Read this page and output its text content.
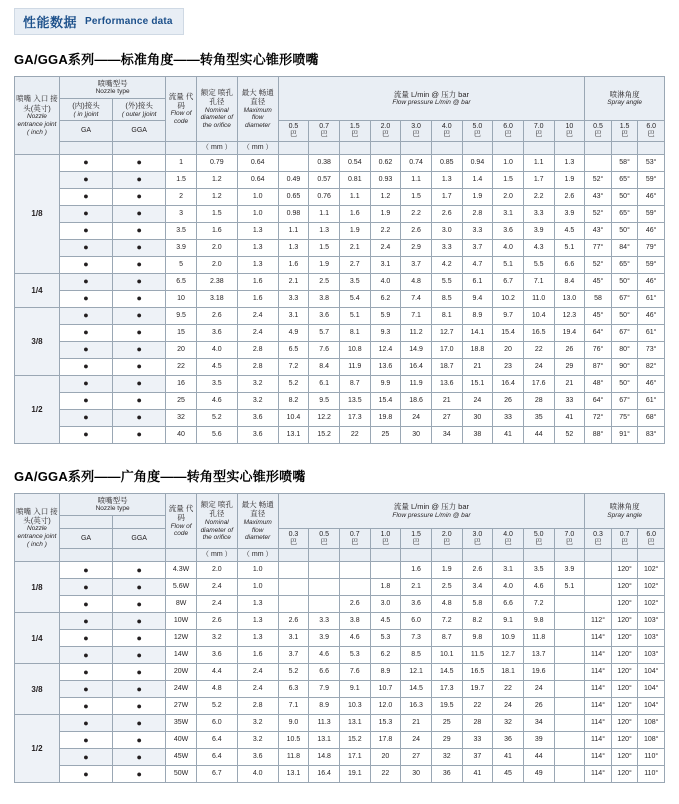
性能数据 Performance data
GA/GGA系列——标准角度——转角型实心锥形喷嘴
喷嘴 入口 接头(英寸)
Nozzle entrance joint ( inch )	喷嘴型号
Nozzle type		流量 代码
Flow of code	额定 喷孔 孔径
Nominal diameter of the orifice	最大 畅通 直径
Maximum flow diameter	流量 L/min @ 压力 bar
Flow pressure L/min @ bar										喷淋角度
Spray angle		

	(内)接头
( in )joint	(外)接头
( outer )joint																

	GA	GGA				0.5
巴	0.7
巴	1.5
巴	2.0
巴	3.0
巴	4.0
巴	5.0
巴	6.0
巴	7.0
巴	10
巴	0.5
巴	1.5
巴	6.0
巴
				（ mm ）	（ mm ）													
1/8	●	●	1	0.79	0.64		0.38	0.54	0.62	0.74	0.85	0.94	1.0	1.1	1.3		58°	53°
	●	●	1.5	1.2	0.64	0.49	0.57	0.81	0.93	1.1	1.3	1.4	1.5	1.7	1.9	52°	65°	59°
	●	●	2	1.2	1.0	0.65	0.76	1.1	1.2	1.5	1.7	1.9	2.0	2.2	2.6	43°	50°	46°
	●	●	3	1.5	1.0	0.98	1.1	1.6	1.9	2.2	2.6	2.8	3.1	3.3	3.9	52°	65°	59°
	●	●	3.5	1.6	1.3	1.1	1.3	1.9	2.2	2.6	3.0	3.3	3.6	3.9	4.5	43°	50°	46°
	●	●	3.9	2.0	1.3	1.3	1.5	2.1	2.4	2.9	3.3	3.7	4.0	4.3	5.1	77°	84°	79°
	●	●	5	2.0	1.3	1.6	1.9	2.7	3.1	3.7	4.2	4.7	5.1	5.5	6.6	52°	65°	59°
1/4	●	●	6.5	2.38	1.6	2.1	2.5	3.5	4.0	4.8	5.5	6.1	6.7	7.1	8.4	45°	50°	46°
	●	●	10	3.18	1.6	3.3	3.8	5.4	6.2	7.4	8.5	9.4	10.2	11.0	13.0	58	67°	61°
3/8	●	●	9.5	2.6	2.4	3.1	3.6	5.1	5.9	7.1	8.1	8.9	9.7	10.4	12.3	45°	50°	46°
	●	●	15	3.6	2.4	4.9	5.7	8.1	9.3	11.2	12.7	14.1	15.4	16.5	19.4	64°	67°	61°
	●	●	20	4.0	2.8	6.5	7.6	10.8	12.4	14.9	17.0	18.8	20	22	26	76°	80°	73°
	●	●	22	4.5	2.8	7.2	8.4	11.9	13.6	16.4	18.7	21	23	24	29	87°	90°	82°
1/2	●	●	16	3.5	3.2	5.2	6.1	8.7	9.9	11.9	13.6	15.1	16.4	17.6	21	48°	50°	46°
	●	●	25	4.6	3.2	8.2	9.5	13.5	15.4	18.6	21	24	26	28	33	64°	67°	61°
	●	●	32	5.2	3.6	10.4	12.2	17.3	19.8	24	27	30	33	35	41	72°	75°	68°
	●	●	40	5.6	3.6	13.1	15.2	22	25	30	34	38	41	44	52	88°	91°	83°
GA/GGA系列——广角度——转角型实心锥形喷嘴
喷嘴 入口 接头(英寸)
Nozzle entrance joint ( inch )	喷嘴型号
Nozzle type		流量 代码
Flow of code	额定 喷孔 孔径
Nominal diameter of the orifice	最大 畅通 直径
Maximum flow diameter	流量 L/min @ 压力 bar
Flow pressure L/min @ bar										喷淋角度
Spray angle		

	GA	GGA				0.3
巴	0.5
巴	0.7
巴	1.0
巴	1.5
巴	2.0
巴	3.0
巴	4.0
巴	5.0
巴	7.0
巴	0.3
巴	0.7
巴	6.0
巴
				（ mm ）	（ mm ）													
1/8	●	●	4.3W	2.0	1.0					1.6	1.9	2.6	3.1	3.5	3.9		120°	102°
	●	●	5.6W	2.4	1.0				1.8	2.1	2.5	3.4	4.0	4.6	5.1		120°	102°
	●	●	8W	2.4	1.3			2.6	3.0	3.6	4.8	5.8	6.6	7.2			120°	102°
1/4	●	●	10W	2.6	1.3	2.6	3.3	3.8	4.5	6.0	7.2	8.2	9.1	9.8		112°	120°	103°
	●	●	12W	3.2	1.3	3.1	3.9	4.6	5.3	7.3	8.7	9.8	10.9	11.8		114°	120°	103°
	●	●	14W	3.6	1.6	3.7	4.6	5.3	6.2	8.5	10.1	11.5	12.7	13.7		114°	120°	103°
3/8	●	●	20W	4.4	2.4	5.2	6.6	7.6	8.9	12.1	14.5	16.5	18.1	19.6		114°	120°	104°
	●	●	24W	4.8	2.4	6.3	7.9	9.1	10.7	14.5	17.3	19.7	22	24		114°	120°	104°
	●	●	27W	5.2	2.8	7.1	8.9	10.3	12.0	16.3	19.5	22	24	26		114°	120°	104°
1/2	●	●	35W	6.0	3.2	9.0	11.3	13.1	15.3	21	25	28	32	34		114°	120°	108°
	●	●	40W	6.4	3.2	10.5	13.1	15.2	17.8	24	29	33	36	39		114°	120°	108°
	●	●	45W	6.4	3.6	11.8	14.8	17.1	20	27	32	37	41	44		114°	120°	110°
	●	●	50W	6.7	4.0	13.1	16.4	19.1	22	30	36	41	45	49		114°	120°	110°
